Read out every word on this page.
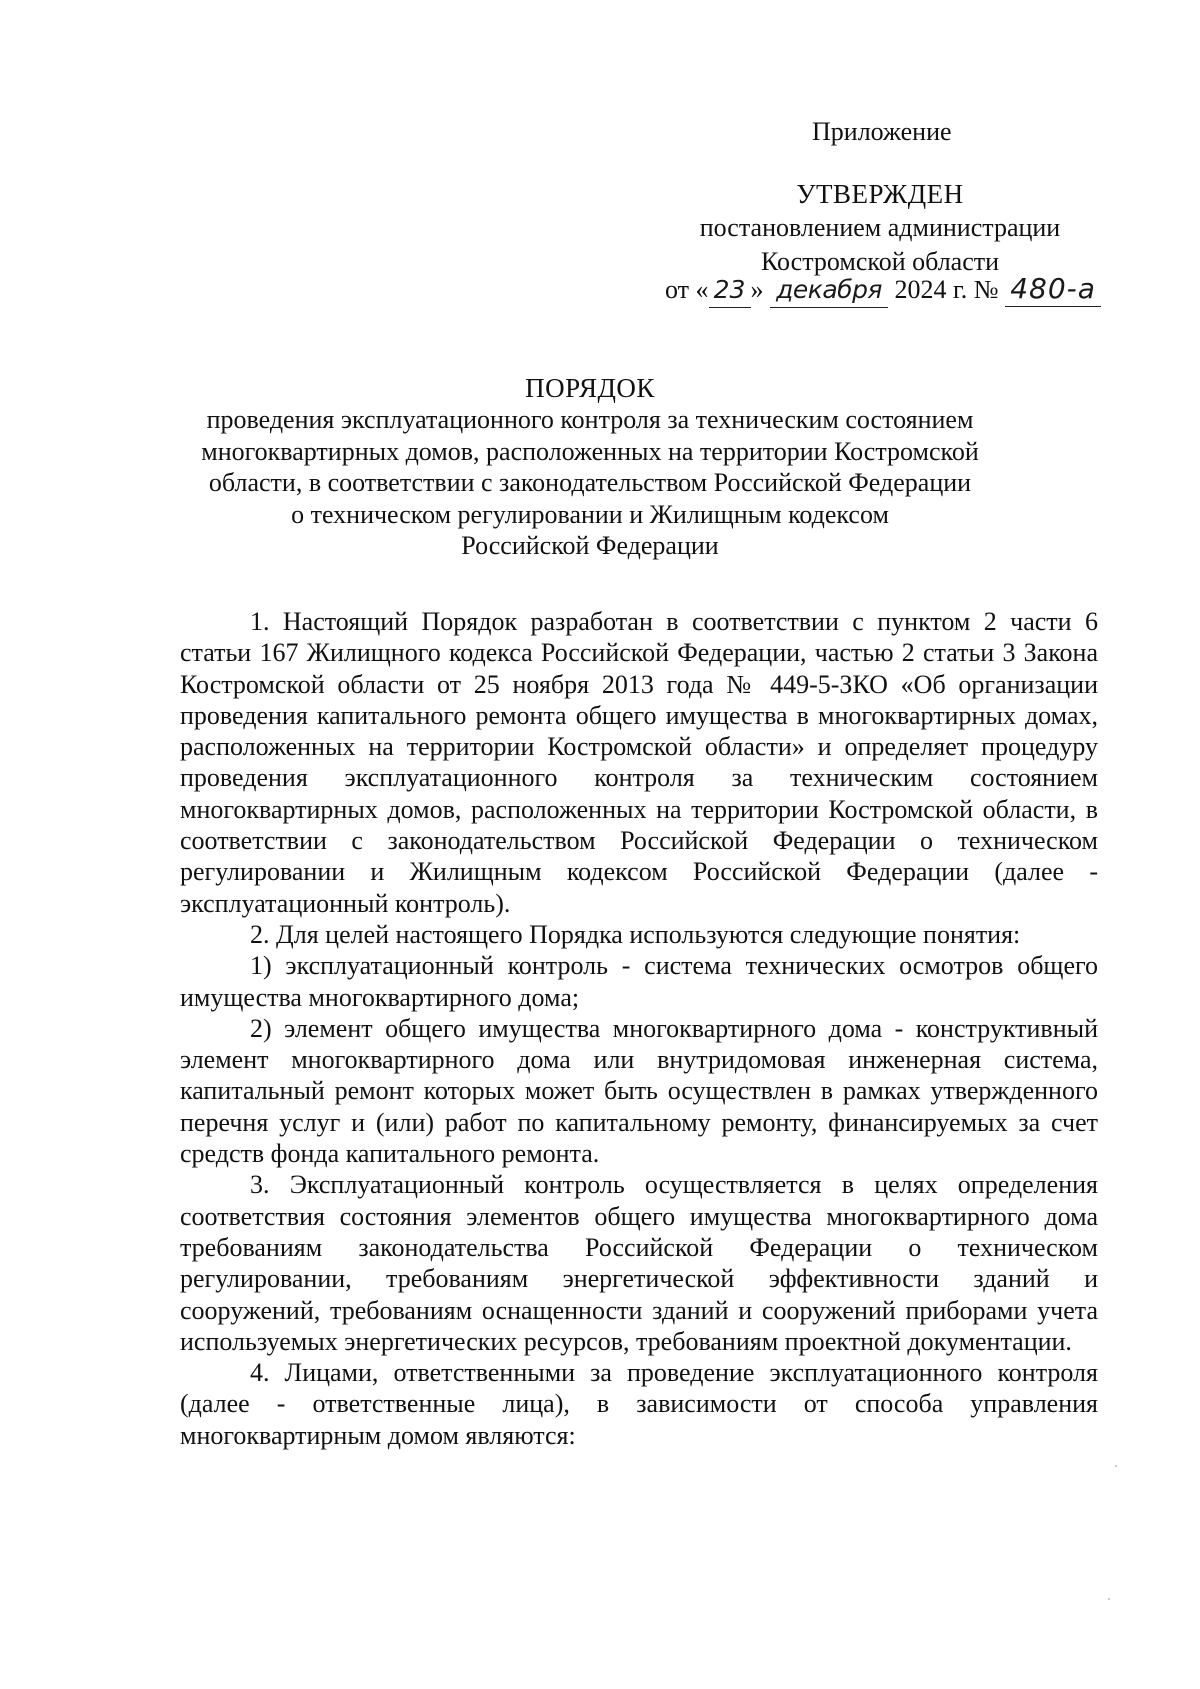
Приложение
УТВЕРЖДЕН
постановлением администрации
Костромской области
от « 23 » декабря 2024 г. № 480-а
ПОРЯДОК
проведения эксплуатационного контроля за техническим состоянием
многоквартирных домов, расположенных на территории Костромской
области, в соответствии с законодательством Российской Федерации
о техническом регулировании и Жилищным кодексом
Российской Федерации

1. Настоящий Порядок разработан в соответствии с пунктом 2 части 6 статьи 167 Жилищного кодекса Российской Федерации, частью 2 статьи 3 Закона Костромской области от 25 ноября 2013 года № 449-5-ЗКО «Об организации проведения капитального ремонта общего имущества в многоквартирных домах, расположенных на территории Костромской области» и определяет процедуру проведения эксплуатационного контроля за техническим состоянием многоквартирных домов, расположенных на территории Костромской области, в соответствии с законодательством Российской Федерации о техническом регулировании и Жилищным кодексом Российской Федерации (далее - эксплуатационный контроль).

2. Для целей настоящего Порядка используются следующие понятия:

1) эксплуатационный контроль - система технических осмотров общего имущества многоквартирного дома;

2) элемент общего имущества многоквартирного дома - конструктивный элемент многоквартирного дома или внутридомовая инженерная система, капитальный ремонт которых может быть осуществлен в рамках утвержденного перечня услуг и (или) работ по капитальному ремонту, финансируемых за счет средств фонда капитального ремонта.

3. Эксплуатационный контроль осуществляется в целях определения соответствия состояния элементов общего имущества многоквартирного дома требованиям законодательства Российской Федерации о техническом регулировании, требованиям энергетической эффективности зданий и сооружений, требованиям оснащенности зданий и сооружений приборами учета используемых энергетических ресурсов, требованиям проектной документации.

4. Лицами, ответственными за проведение эксплуатационного контроля (далее - ответственные лица), в зависимости от способа управления многоквартирным домом являются:
